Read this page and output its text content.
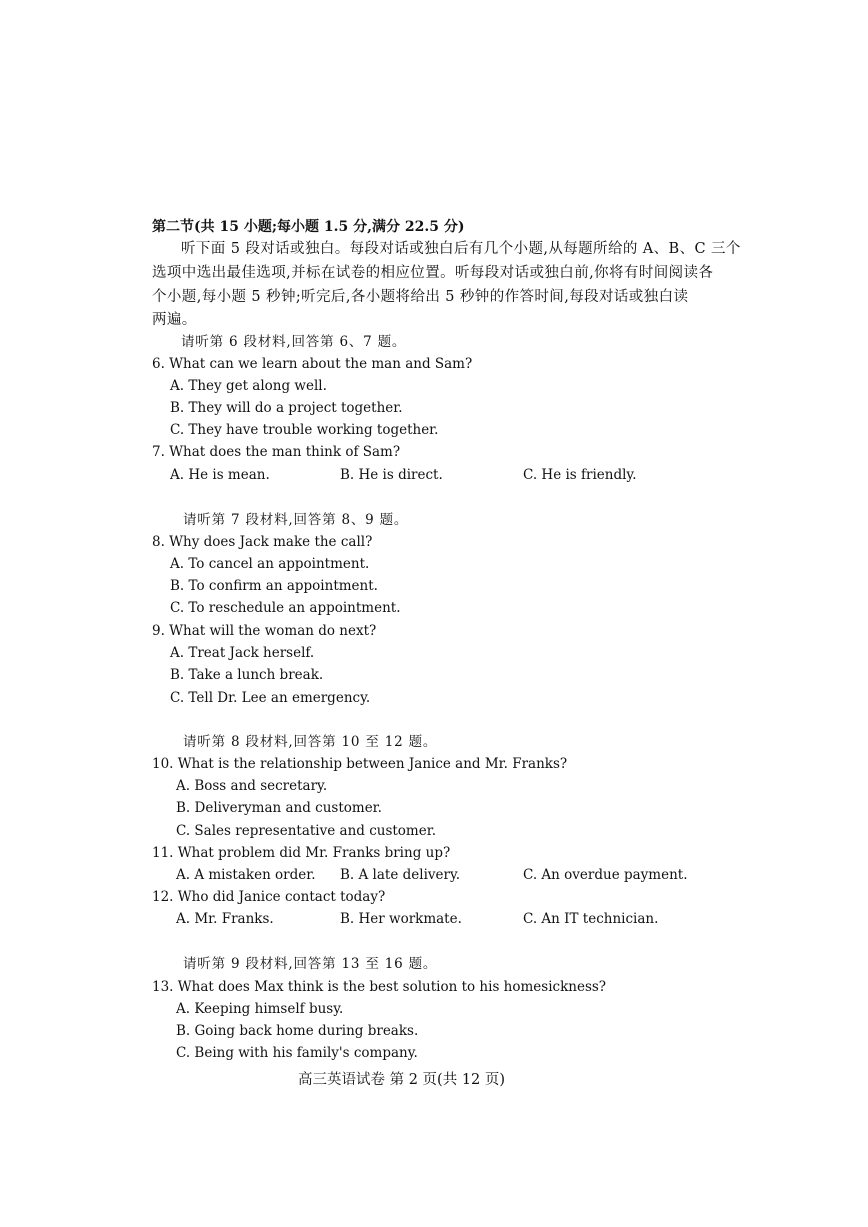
第二节(共 15 小题;每小题 1.5 分,满分 22.5 分)
听下面 5 段对话或独白。每段对话或独白后有几个小题,从每题所给的 A、B、C 三个
选项中选出最佳选项,并标在试卷的相应位置。听每段对话或独白前,你将有时间阅读各
个小题,每小题 5 秒钟;听完后,各小题将给出 5 秒钟的作答时间,每段对话或独白读
两遍。
请听第 6 段材料,回答第 6、7 题。
6. What can we learn about the man and Sam?
A. They get along well.
B. They will do a project together.
C. They have trouble working together.
7. What does the man think of Sam?
A. He is mean.	B. He is direct.	C. He is friendly.
请听第 7 段材料,回答第 8、9 题。
8. Why does Jack make the call?
A. To cancel an appointment.
B. To confirm an appointment.
C. To reschedule an appointment.
9. What will the woman do next?
A. Treat Jack herself.
B. Take a lunch break.
C. Tell Dr. Lee an emergency.
请听第 8 段材料,回答第 10 至 12 题。
10. What is the relationship between Janice and Mr. Franks?
A. Boss and secretary.
B. Deliveryman and customer.
C. Sales representative and customer.
11. What problem did Mr. Franks bring up?
A. A mistaken order. B. A late delivery.	C. An overdue payment.
12. Who did Janice contact today?
A. Mr. Franks.	B. Her workmate.	C. An IT technician.
请听第 9 段材料,回答第 13 至 16 题。
13. What does Max think is the best solution to his homesickness?
A. Keeping himself busy.
B. Going back home during breaks.
C. Being with his family's company.
高三英语试卷 第 2 页(共 12 页)
